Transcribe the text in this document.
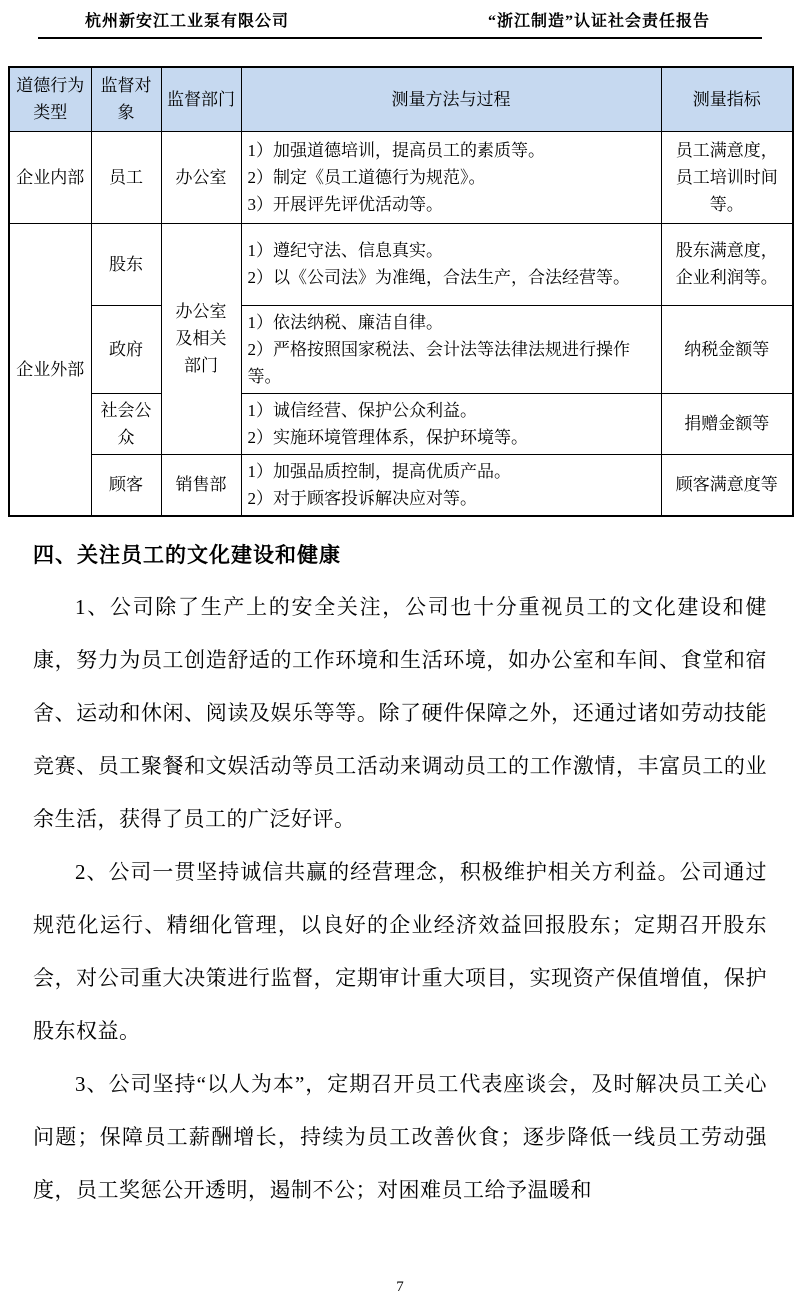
杭州新安江工业泵有限公司	“浙江制造”认证社会责任报告
道德行为类型	监督对象	监督部门	测量方法与过程	测量指标
企业内部	员工	办公室	1）加强道德培训，提高员工的素质等。
2）制定《员工道德行为规范》。
3）开展评先评优活动等。	员工满意度，员工培训时间等。
企业外部	股东	办公室及相关部门	1）遵纪守法、信息真实。
2）以《公司法》为准绳，合法生产，合法经营等。	股东满意度，企业利润等。
	政府		1）依法纳税、廉洁自律。
2）严格按照国家税法、会计法等法律法规进行操作等。	纳税金额等
	社会公众		1）诚信经营、保护公众利益。
2）实施环境管理体系，保护环境等。	捐赠金额等
	顾客	销售部	1）加强品质控制，提高优质产品。
2）对于顾客投诉解决应对等。	顾客满意度等
四、关注员工的文化建设和健康

1、公司除了生产上的安全关注，公司也十分重视员工的文化建设和健康，努力为员工创造舒适的工作环境和生活环境，如办公室和车间、食堂和宿舍、运动和休闲、阅读及娱乐等等。除了硬件保障之外，还通过诸如劳动技能竞赛、员工聚餐和文娱活动等员工活动来调动员工的工作激情，丰富员工的业余生活，获得了员工的广泛好评。

2、公司一贯坚持诚信共赢的经营理念，积极维护相关方利益。公司通过规范化运行、精细化管理，以良好的企业经济效益回报股东；定期召开股东会，对公司重大决策进行监督，定期审计重大项目，实现资产保值增值，保护股东权益。

3、公司坚持“以人为本”，定期召开员工代表座谈会，及时解决员工关心问题；保障员工薪酬增长，持续为员工改善伙食；逐步降低一线员工劳动强度，员工奖惩公开透明，遏制不公；对困难员工给予温暖和

7
